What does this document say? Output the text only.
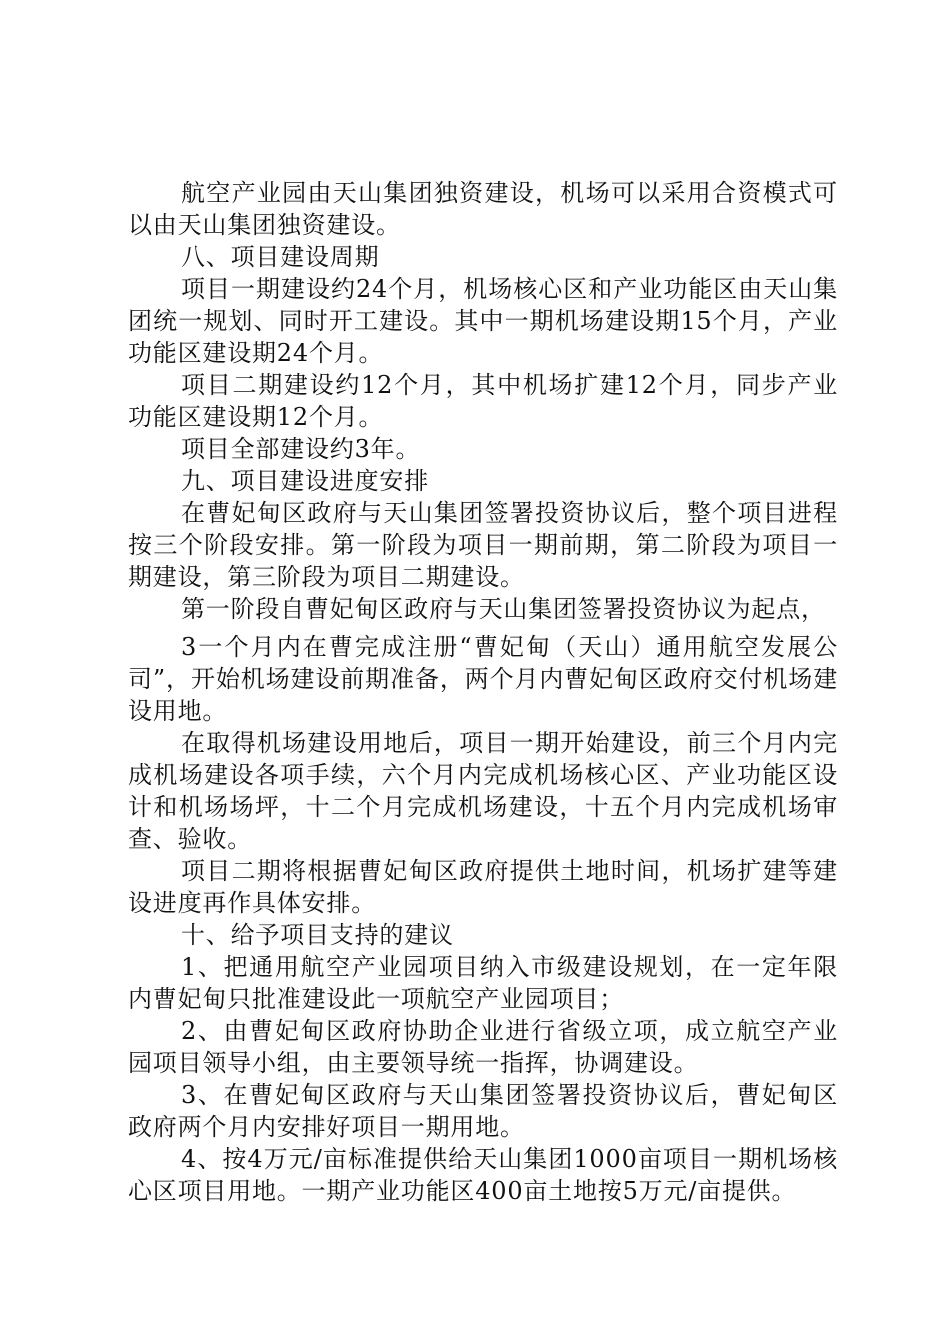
航空产业园由天山集团独资建设，机场可以采用合资模式可以由天山集团独资建设。

八、项目建设周期

项目一期建设约24个月，机场核心区和产业功能区由天山集团统一规划、同时开工建设。其中一期机场建设期15个月，产业功能区建设期24个月。

项目二期建设约12个月，其中机场扩建12个月，同步产业功能区建设期12个月。

项目全部建设约3年。

九、项目建设进度安排

在曹妃甸区政府与天山集团签署投资协议后，整个项目进程按三个阶段安排。第一阶段为项目一期前期，第二阶段为项目一期建设，第三阶段为项目二期建设。

第一阶段自曹妃甸区政府与天山集团签署投资协议为起点，

3一个月内在曹完成注册“曹妃甸（天山）通用航空发展公司”，开始机场建设前期准备，两个月内曹妃甸区政府交付机场建设用地。

在取得机场建设用地后，项目一期开始建设，前三个月内完成机场建设各项手续，六个月内完成机场核心区、产业功能区设计和机场场坪，十二个月完成机场建设，十五个月内完成机场审查、验收。

项目二期将根据曹妃甸区政府提供土地时间，机场扩建等建设进度再作具体安排。

十、给予项目支持的建议

1、把通用航空产业园项目纳入市级建设规划，在一定年限内曹妃甸只批准建设此一项航空产业园项目；

2、由曹妃甸区政府协助企业进行省级立项，成立航空产业园项目领导小组，由主要领导统一指挥，协调建设。

3、在曹妃甸区政府与天山集团签署投资协议后，曹妃甸区政府两个月内安排好项目一期用地。

4、按4万元/亩标准提供给天山集团1000亩项目一期机场核心区项目用地。一期产业功能区400亩土地按5万元/亩提供。
